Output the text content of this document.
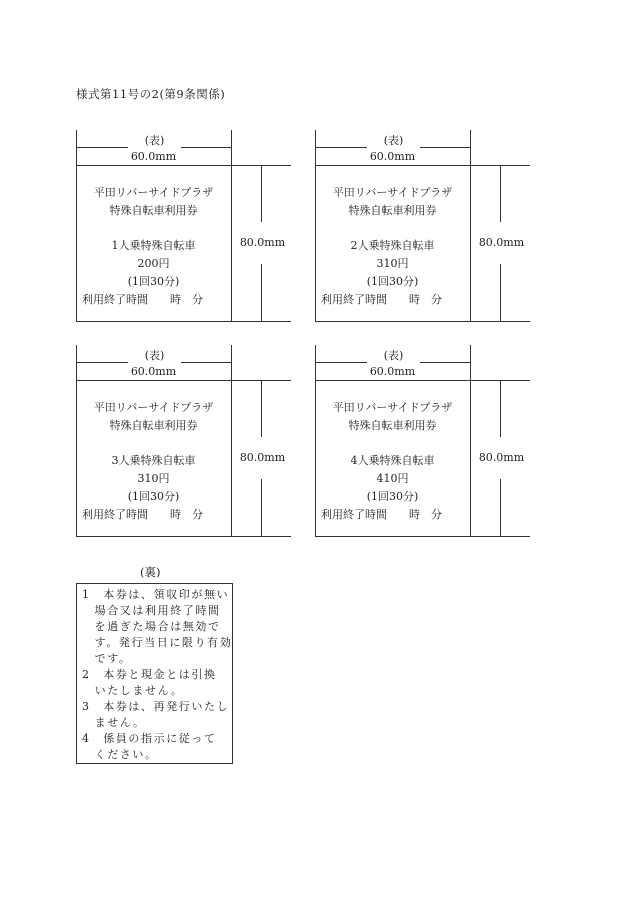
様式第11号の2(第9条関係)
(表)
60.0mm
平田リバーサイドプラザ
特殊自転車利用券
1人乗特殊自転車
200円
(1回30分)
利用終了時間　　時　分
80.0mm
(表)
60.0mm
平田リバーサイドプラザ
特殊自転車利用券
2人乗特殊自転車
310円
(1回30分)
利用終了時間　　時　分
80.0mm
(表)
60.0mm
平田リバーサイドプラザ
特殊自転車利用券
3人乗特殊自転車
310円
(1回30分)
利用終了時間　　時　分
80.0mm
(表)
60.0mm
平田リバーサイドプラザ
特殊自転車利用券
4人乗特殊自転車
410円
(1回30分)
利用終了時間　　時　分
80.0mm
(裏)
1　本券は、領収印が無い
　場合又は利用終了時間
　を過ぎた場合は無効で
　す。発行当日に限り有効
　です。
2　本券と現金とは引換
　いたしません。
3　本券は、再発行いたし
　ません。
4　係員の指示に従って
　ください。
